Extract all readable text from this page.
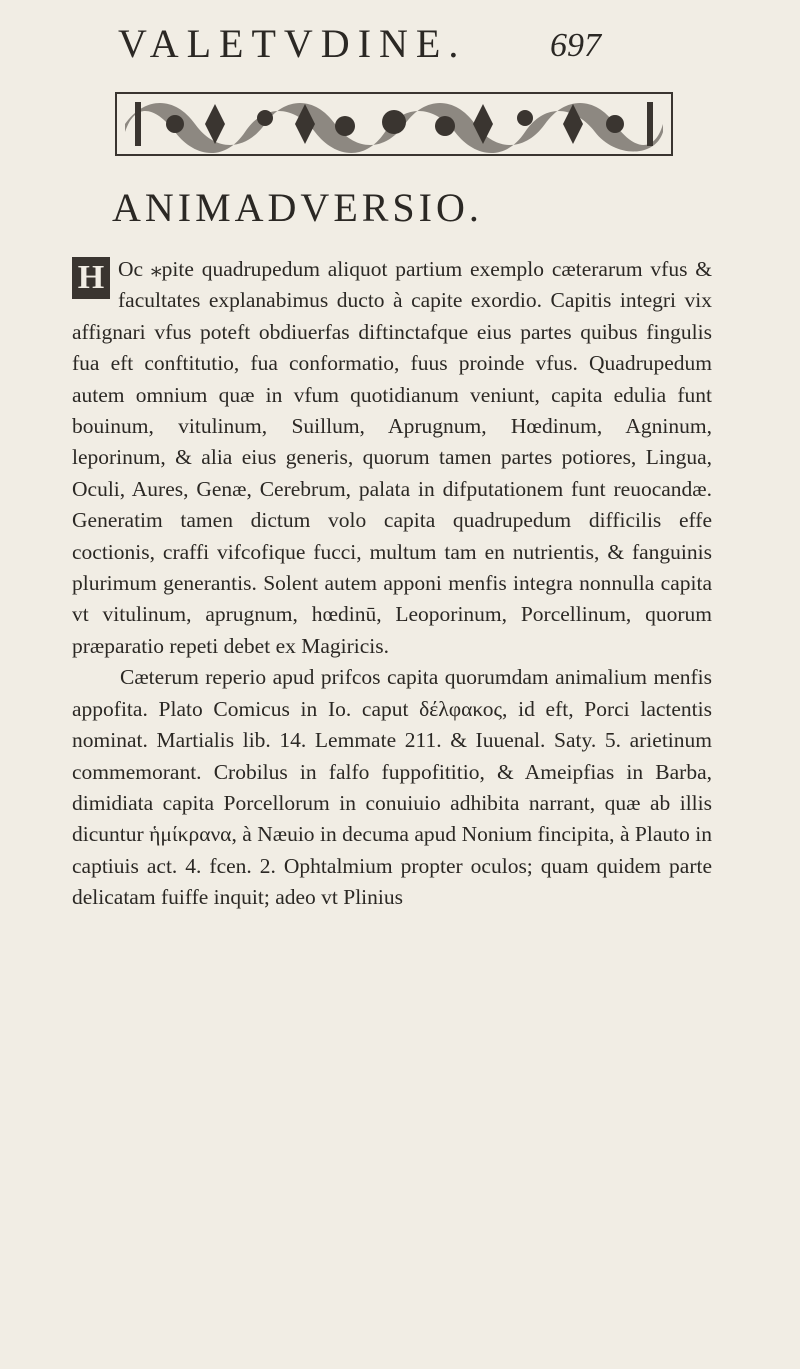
VALETVDINE. 697
ANIMADVERSIO.

H Oc ⁎pite quadrupedum aliquot partium exemplo cæterarum vfus & facultates explanabimus ducto à capite exordio. Capitis integri vix affignari vfus poteft obdiuerfas diftinctafque eius partes quibus fingulis fua eft conftitutio, fua conformatio, fuus proinde vfus. Quadrupedum autem omnium quæ in vfum quotidianum veniunt, capita edulia funt bouinum, vitulinum, Suillum, Aprugnum, Hœdinum, Agninum, leporinum, & alia eius generis, quorum tamen partes potiores, Lingua, Oculi, Aures, Genæ, Cerebrum, palata in difputationem funt reuocandæ. Generatim tamen dictum volo capita quadrupedum difficilis effe coctionis, craffi vifcofique fucci, multum tam en nutrientis, & fanguinis plurimum generantis. Solent autem apponi menfis integra nonnulla capita vt vitulinum, aprugnum, hœdinū, Leoporinum, Porcellinum, quorum præparatio repeti debet ex Magiricis.

Cæterum reperio apud prifcos capita quorumdam animalium menfis appofita. Plato Comicus in Io. caput δέλφακος, id eft, Porci lactentis nominat. Martialis lib. 14. Lemmate 211. & Iuuenal. Saty. 5. arietinum commemorant. Crobilus in falfo fuppofititio, & Ameipfias in Barba, dimidiata capita Porcellorum in conuiuio adhibita narrant, quæ ab illis dicuntur ἡμίκρανα, à Næuio in decuma apud Nonium fincipita, à Plauto in captiuis act. 4. fcen. 2. Ophtalmium propter oculos; quam quidem parte delicatam fuiffe inquit; adeo vt Plinius
